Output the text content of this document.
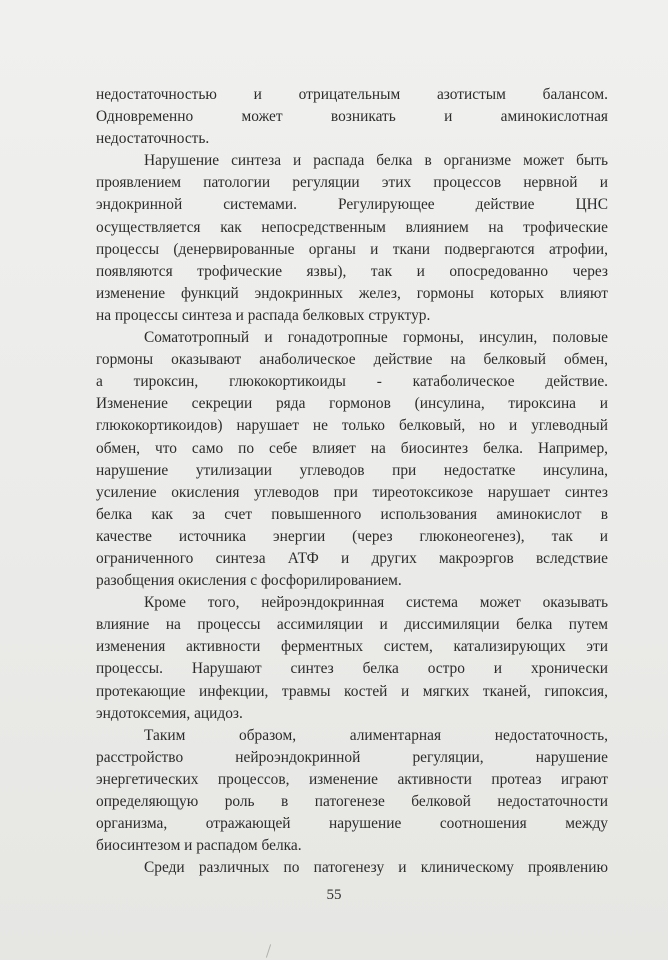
недостаточностью и отрицательным азотистым балансом.
Одновременно может возникать и аминокислотная
недостаточность.
Нарушение синтеза и распада белка в организме может быть
проявлением патологии регуляции этих процессов нервной и
эндокринной системами. Регулирующее действие ЦНС
осуществляется как непосредственным влиянием на трофические
процессы (денервированные органы и ткани подвергаются атрофии,
появляются трофические язвы), так и опосредованно через
изменение функций эндокринных желез, гормоны которых влияют
на процессы синтеза и распада белковых структур.
Соматотропный и гонадотропные гормоны, инсулин, половые
гормоны оказывают анаболическое действие на белковый обмен,
а тироксин, глюкокортикоиды - катаболическое действие.
Изменение секреции ряда гормонов (инсулина, тироксина и
глюкокортикоидов) нарушает не только белковый, но и углеводный
обмен, что само по себе влияет на биосинтез белка. Например,
нарушение утилизации углеводов при недостатке инсулина,
усиление окисления углеводов при тиреотоксикозе нарушает синтез
белка как за счет повышенного использования аминокислот в
качестве источника энергии (через глюконеогенез), так и
ограниченного синтеза АТФ и других макроэргов вследствие
разобщения окисления с фосфорилированием.
Кроме того, нейроэндокринная система может оказывать
влияние на процессы ассимиляции и диссимиляции белка путем
изменения активности ферментных систем, катализирующих эти
процессы. Нарушают синтез белка остро и хронически
протекающие инфекции, травмы костей и мягких тканей, гипоксия,
эндотоксемия, ацидоз.
Таким образом, алиментарная недостаточность,
расстройство нейроэндокринной регуляции, нарушение
энергетических процессов, изменение активности протеаз играют
определяющую роль в патогенезе белковой недостаточности
организма, отражающей нарушение соотношения между
биосинтезом и распадом белка.
Среди различных по патогенезу и клиническому проявлению
55
